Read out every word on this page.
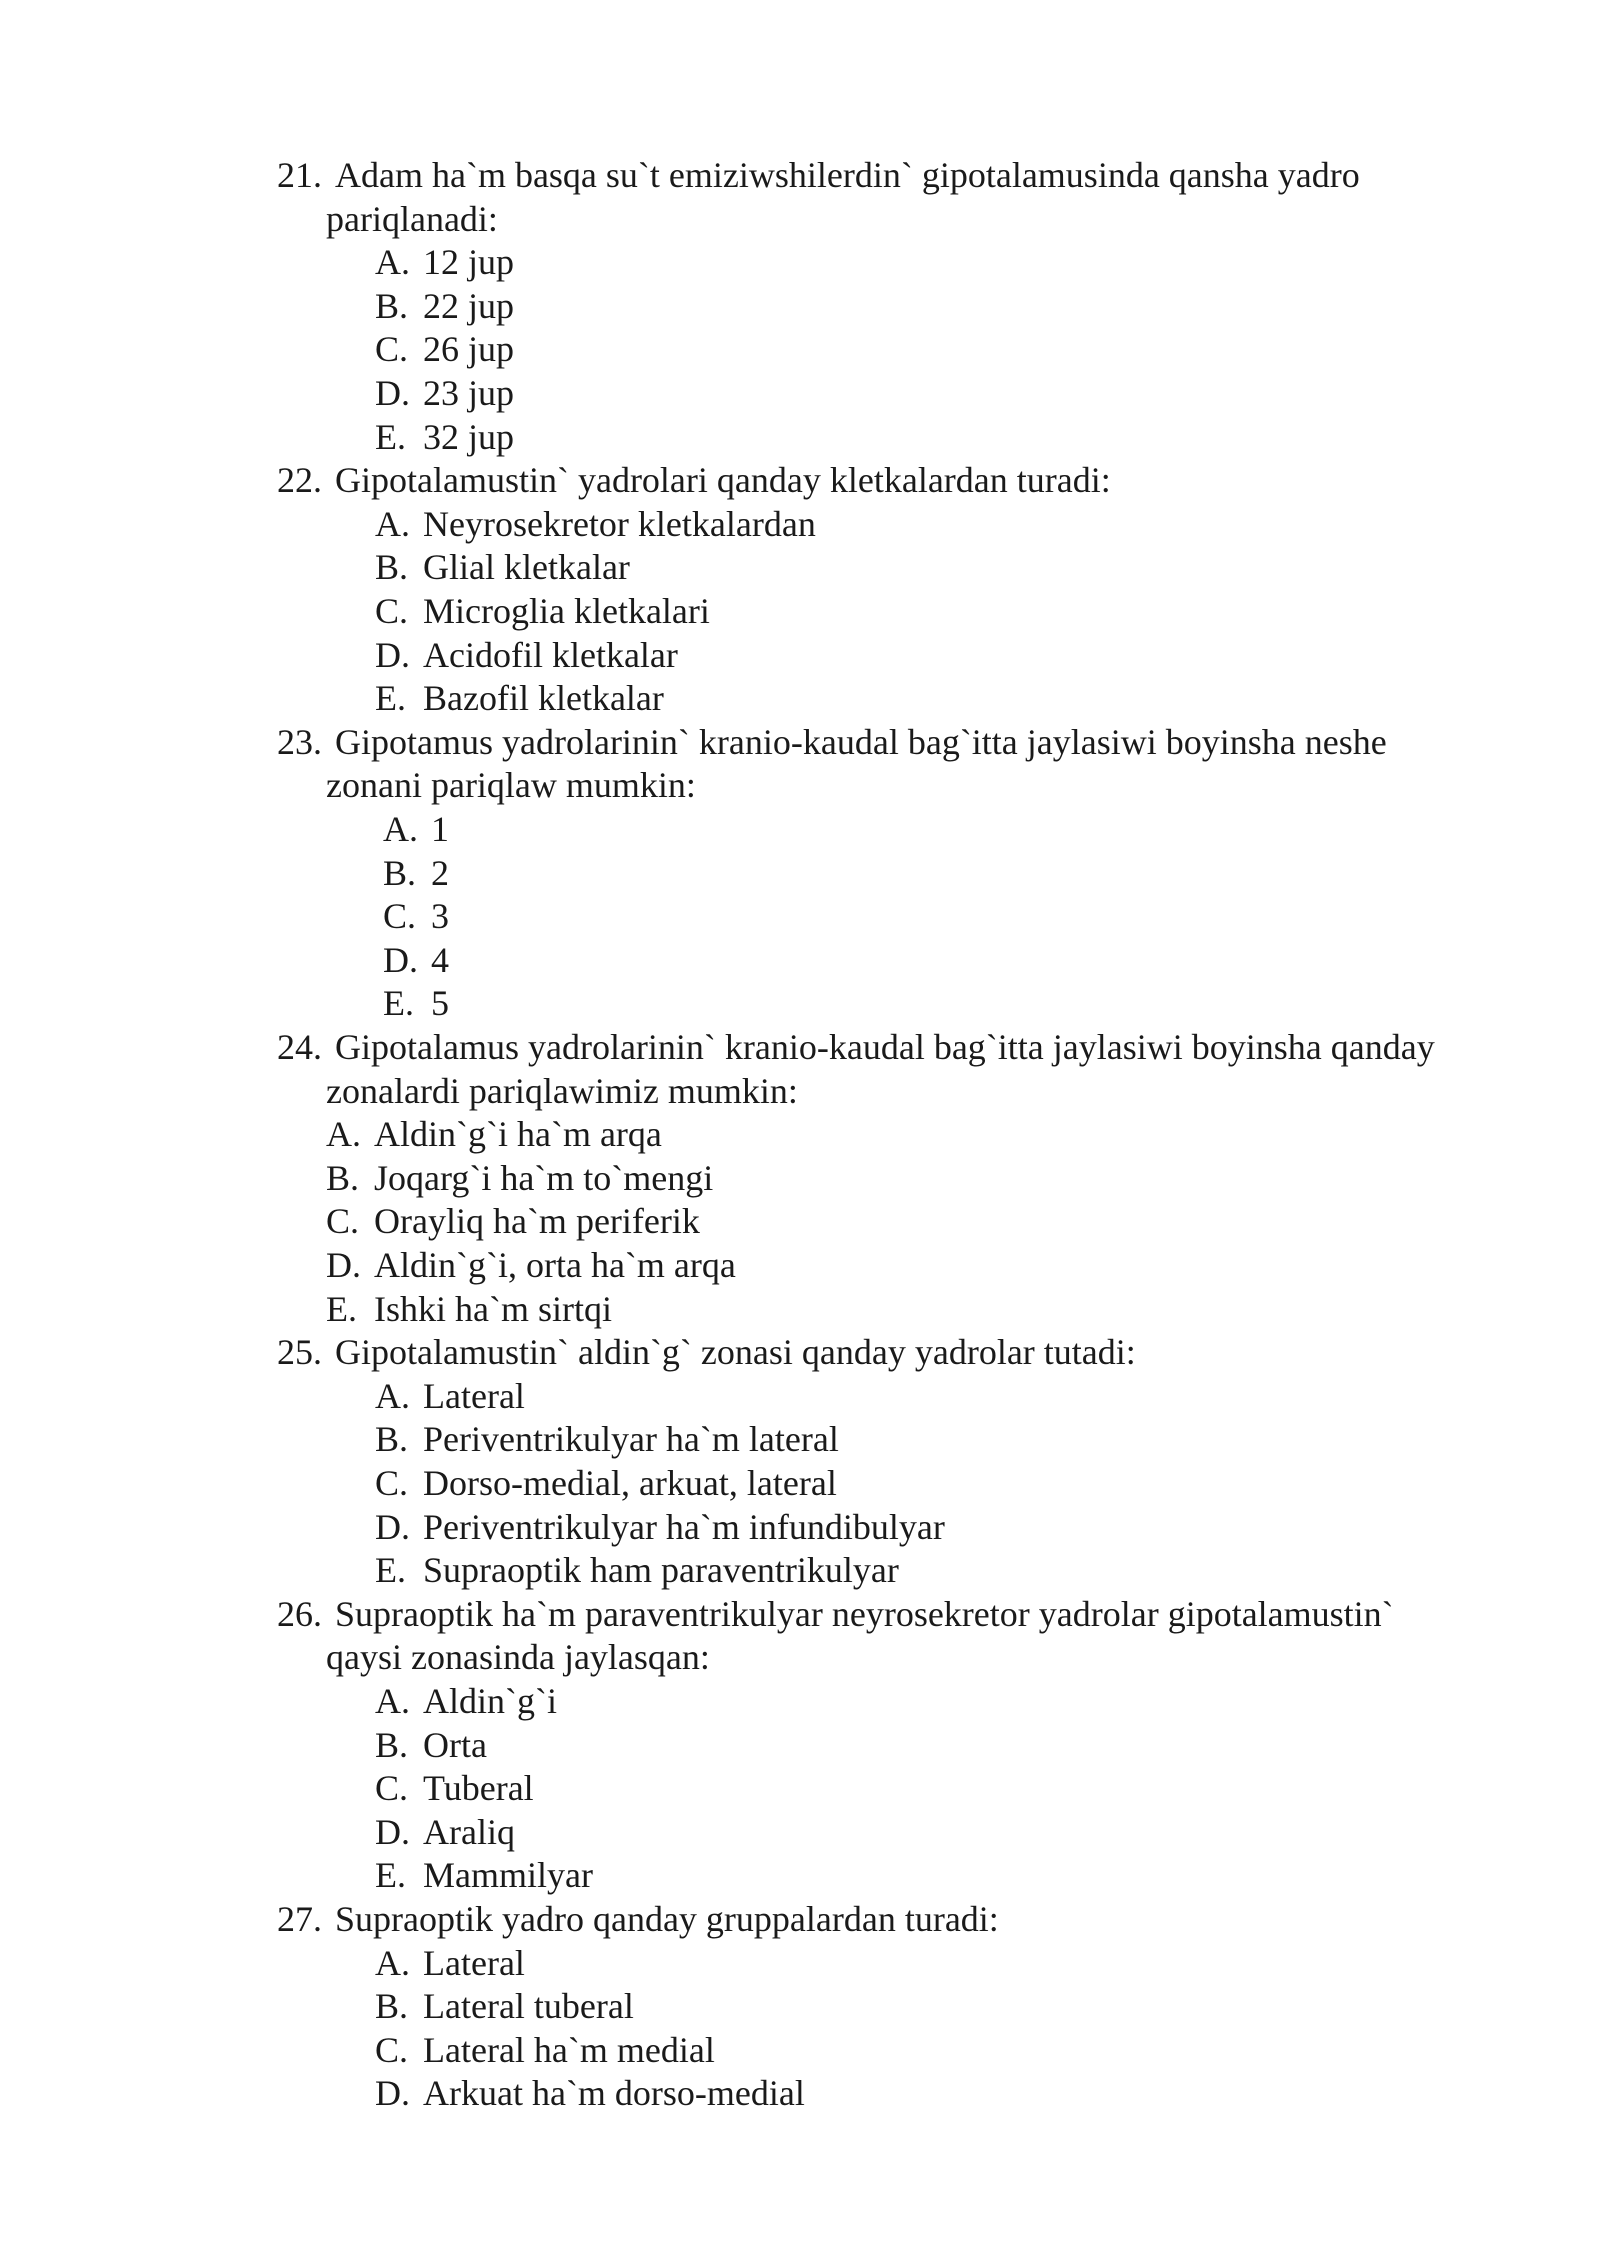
21. Adam ha`m basqa su`t emiziwshilerdin` gipotalamusinda qansha yadro
pariqlanadi:
A. 12 jup
B. 22 jup
C. 26 jup
D. 23 jup
E. 32 jup
22. Gipotalamustin` yadrolari qanday kletkalardan turadi:
A. Neyrosekretor kletkalardan
B. Glial kletkalar
C. Microglia kletkalari
D. Acidofil kletkalar
E. Bazofil kletkalar
23. Gipotamus yadrolarinin` kranio-kaudal bag`itta jaylasiwi boyinsha neshe
zonani pariqlaw mumkin:
A. 1
B. 2
C. 3
D. 4
E. 5
24. Gipotalamus yadrolarinin` kranio-kaudal bag`itta jaylasiwi boyinsha qanday
zonalardi pariqlawimiz mumkin:
A. Aldin`g`i ha`m arqa
B. Joqarg`i ha`m to`mengi
C. Orayliq ha`m periferik
D. Aldin`g`i, orta ha`m arqa
E. Ishki ha`m sirtqi
25. Gipotalamustin` aldin`g` zonasi qanday yadrolar tutadi:
A. Lateral
B. Periventrikulyar ha`m lateral
C. Dorso-medial, arkuat, lateral
D. Periventrikulyar ha`m infundibulyar
E. Supraoptik ham paraventrikulyar
26. Supraoptik ha`m paraventrikulyar neyrosekretor yadrolar gipotalamustin`
qaysi zonasinda jaylasqan:
A. Aldin`g`i
B. Orta
C. Tuberal
D. Araliq
E. Mammilyar
27. Supraoptik yadro qanday gruppalardan turadi:
A. Lateral
B. Lateral tuberal
C. Lateral ha`m medial
D. Arkuat ha`m dorso-medial
